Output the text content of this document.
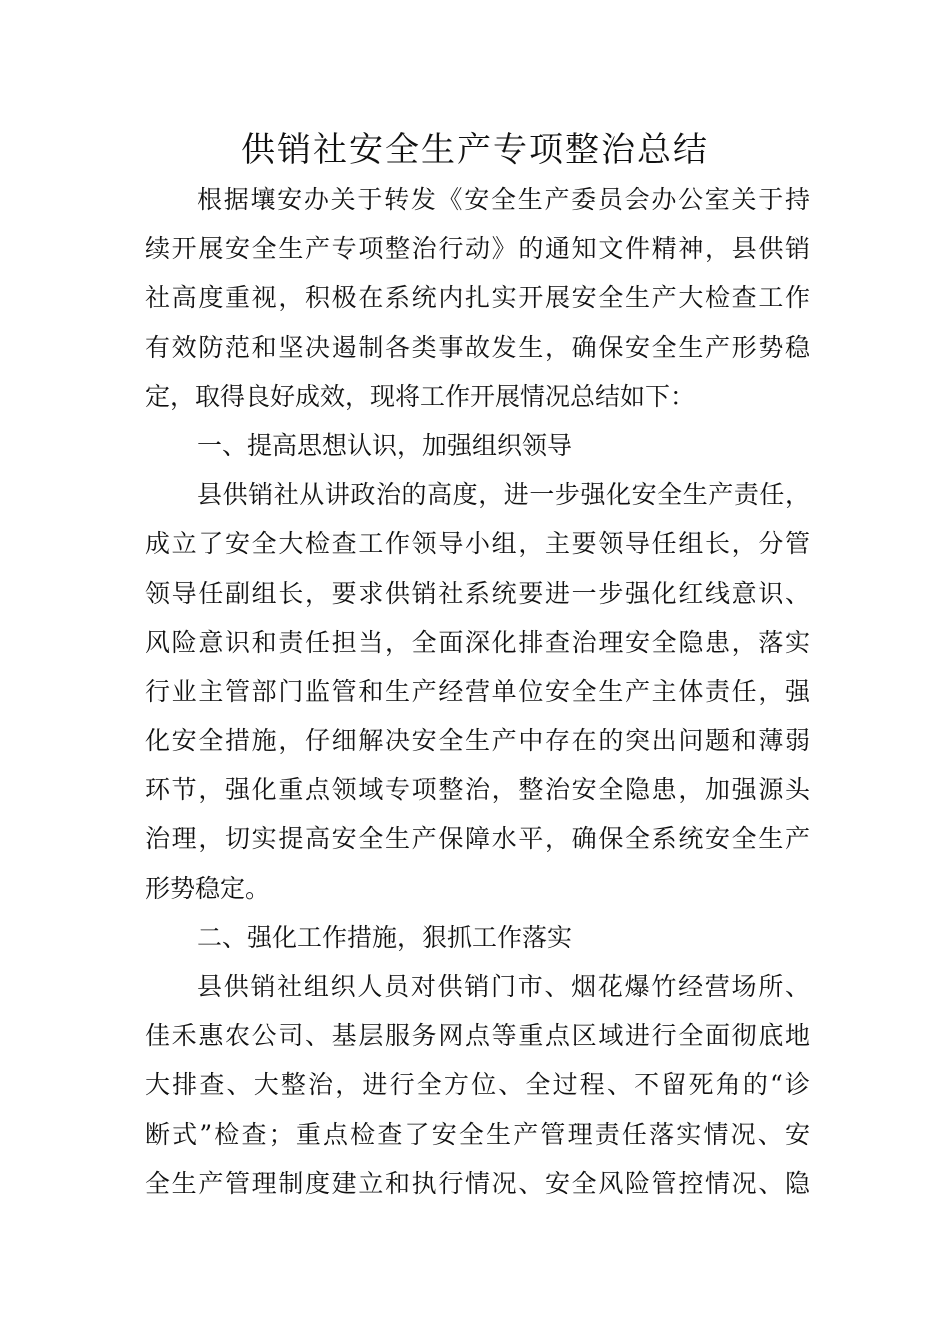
供销社安全生产专项整治总结
根据壤安办关于转发《安全生产委员会办公室关于持
续开展安全生产专项整治行动》的通知文件精神，县供销
社高度重视，积极在系统内扎实开展安全生产大检查工作
有效防范和坚决遏制各类事故发生，确保安全生产形势稳
定，取得良好成效，现将工作开展情况总结如下：
一、提高思想认识，加强组织领导
县供销社从讲政治的高度，进一步强化安全生产责任，
成立了安全大检查工作领导小组，主要领导任组长，分管
领导任副组长，要求供销社系统要进一步强化红线意识、
风险意识和责任担当，全面深化排查治理安全隐患，落实
行业主管部门监管和生产经营单位安全生产主体责任，强
化安全措施，仔细解决安全生产中存在的突出问题和薄弱
环节，强化重点领域专项整治，整治安全隐患，加强源头
治理，切实提高安全生产保障水平，确保全系统安全生产
形势稳定。
二、强化工作措施，狠抓工作落实
县供销社组织人员对供销门市、烟花爆竹经营场所、
佳禾惠农公司、基层服务网点等重点区域进行全面彻底地
大排查、大整治，进行全方位、全过程、不留死角的“诊
断式”检查；重点检查了安全生产管理责任落实情况、安
全生产管理制度建立和执行情况、安全风险管控情况、隐
